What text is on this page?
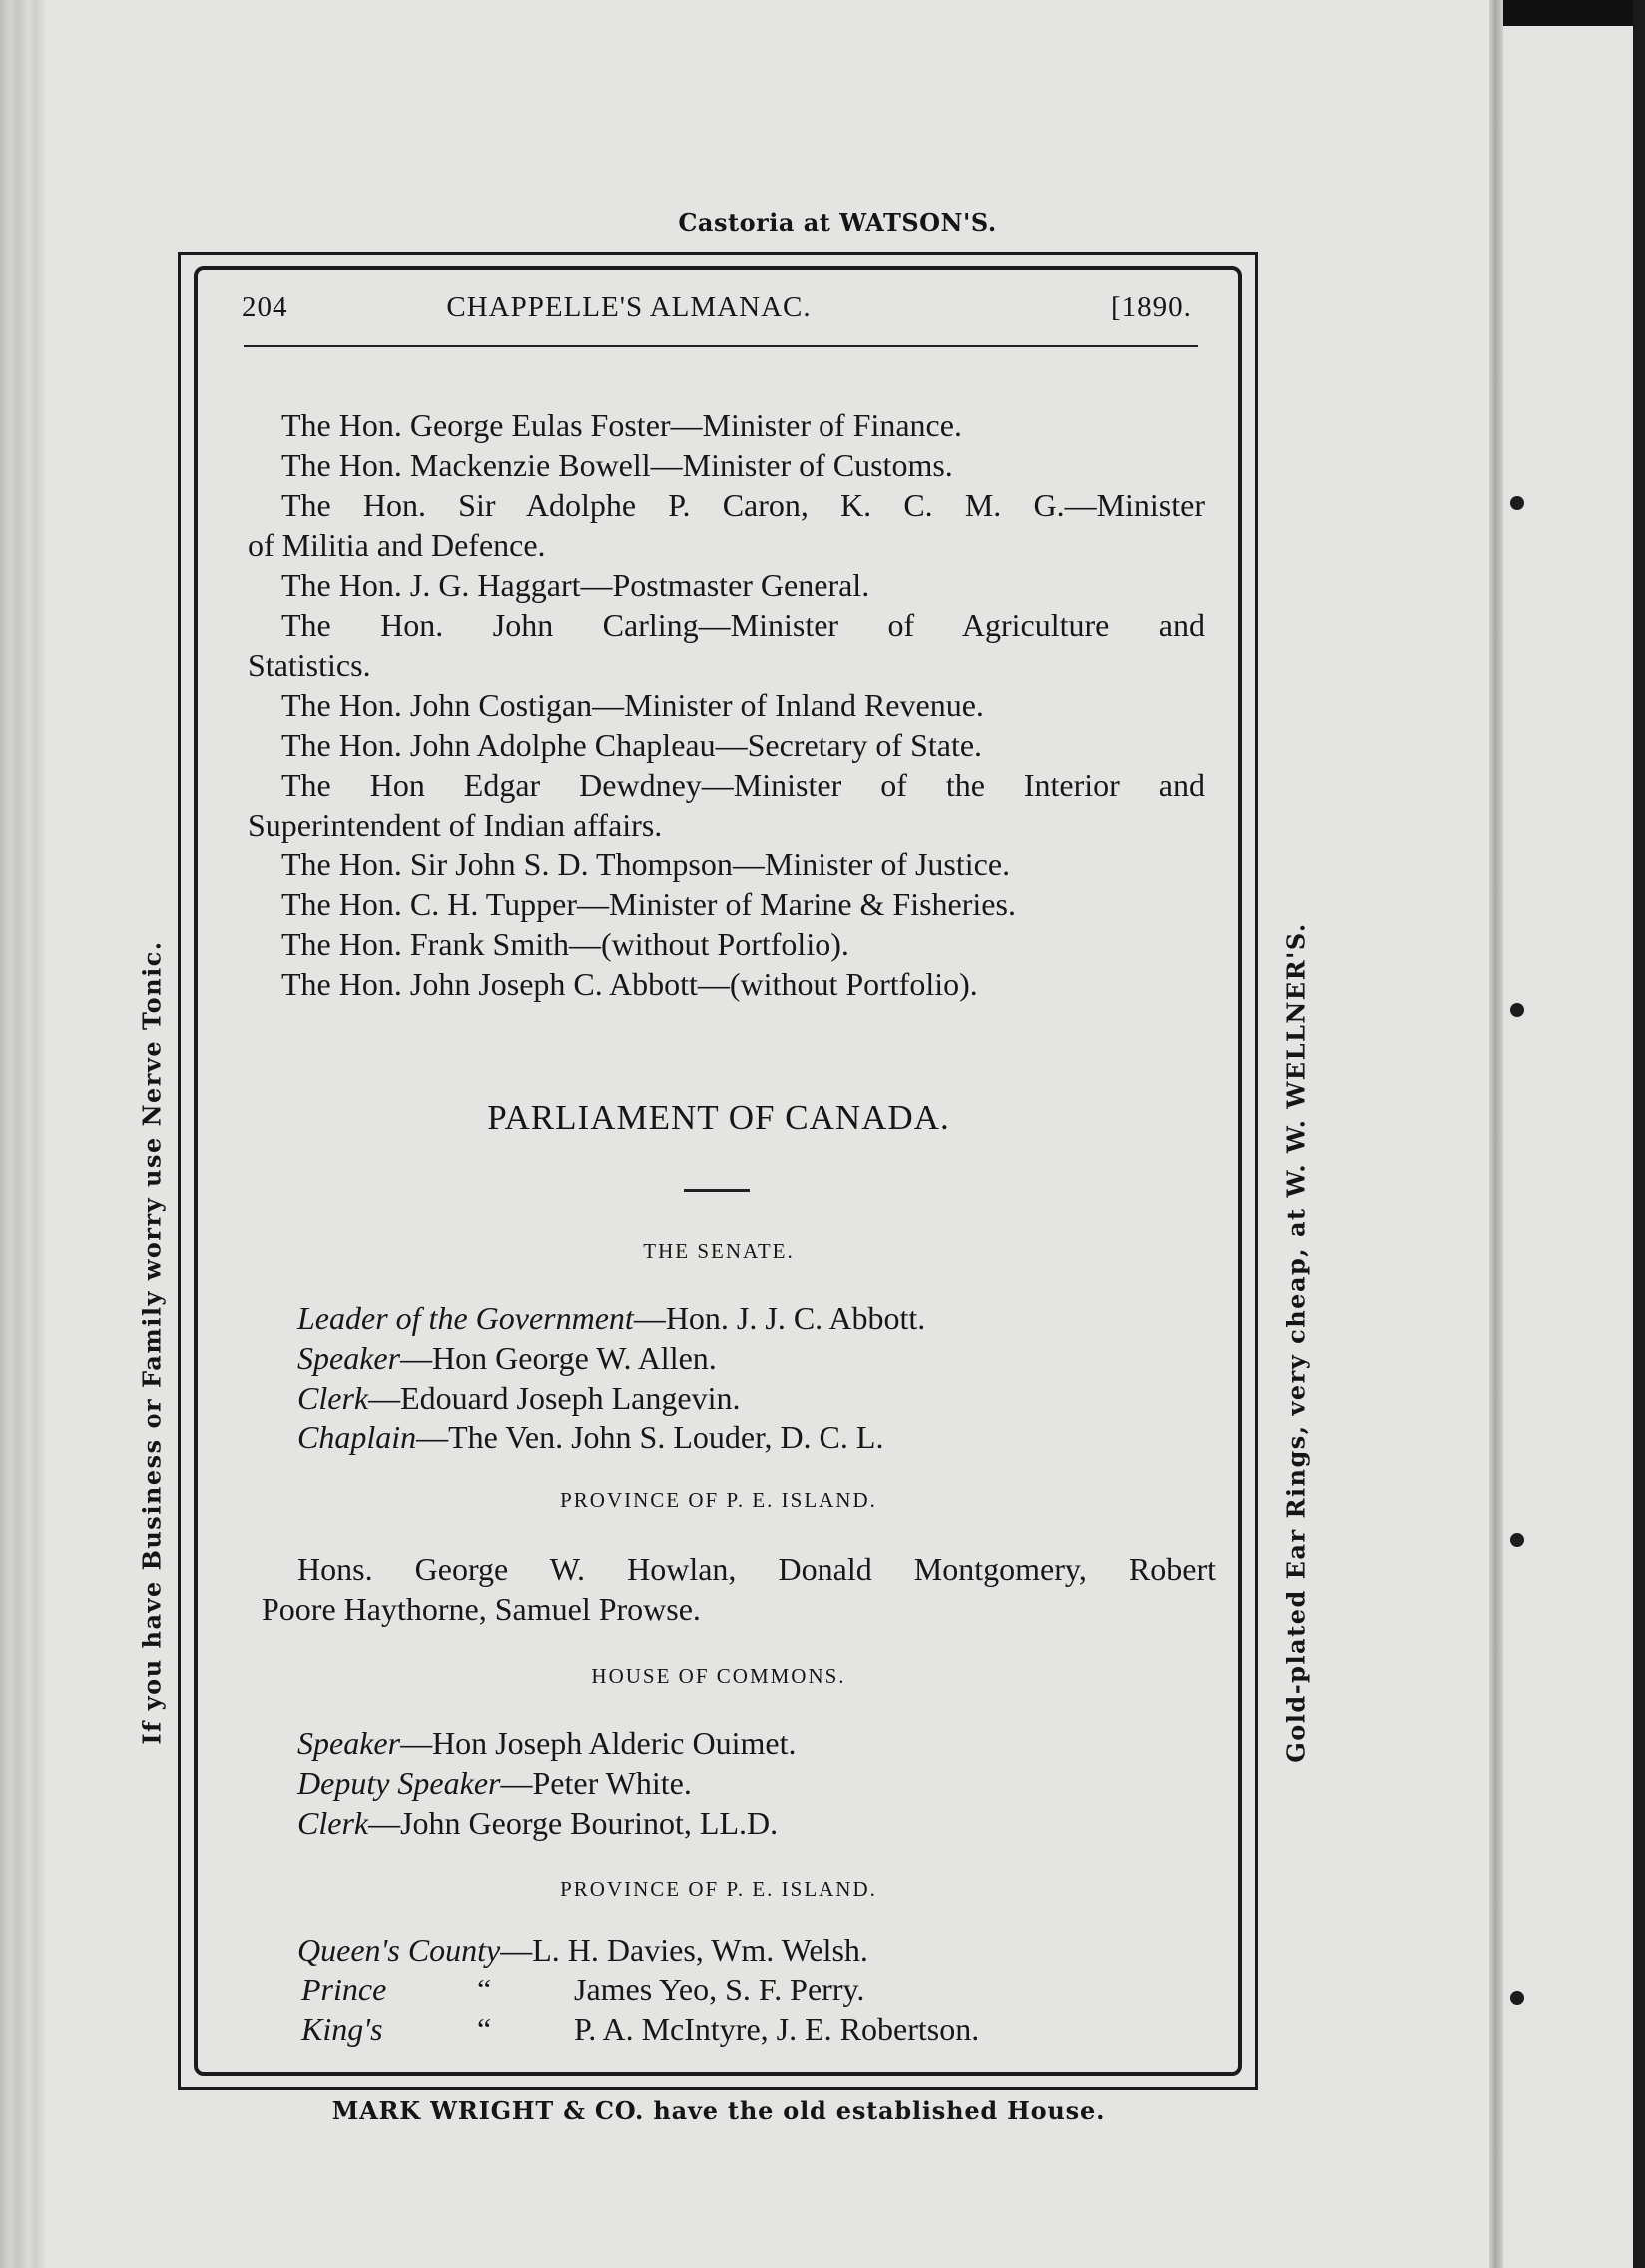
Castoria at WATSON'S.
If you have Business or Family worry use Nerve Tonic.	Gold-plated Ear Rings, very cheap, at W. W. WELLNER'S.
MARK WRIGHT & CO. have the old established House.
204	CHAPPELLE'S ALMANAC.	[1890.
The Hon. George Eulas Foster—Minister of Finance.
The Hon. Mackenzie Bowell—Minister of Customs.
The Hon. Sir Adolphe P. Caron, K. C. M. G.—Minister
of Militia and Defence.
The Hon. J. G. Haggart—Postmaster General.
The Hon. John Carling—Minister of Agriculture and
Statistics.
The Hon. John Costigan—Minister of Inland Revenue.
The Hon. John Adolphe Chapleau—Secretary of State.
The Hon Edgar Dewdney—Minister of the Interior and
Superintendent of Indian affairs.
The Hon. Sir John S. D. Thompson—Minister of Justice.
The Hon. C. H. Tupper—Minister of Marine & Fisheries.
The Hon. Frank Smith—(without Portfolio).
The Hon. John Joseph C. Abbott—(without Portfolio).
PARLIAMENT OF CANADA.
THE SENATE.
Leader of the Government—Hon. J. J. C. Abbott.
Speaker—Hon George W. Allen.
Clerk—Edouard Joseph Langevin.
Chaplain—The Ven. John S. Louder, D. C. L.
PROVINCE OF P. E. ISLAND.
Hons. George W. Howlan, Donald Montgomery, Robert
Poore Haythorne, Samuel Prowse.
HOUSE OF COMMONS.
Speaker—Hon Joseph Alderic Ouimet.
Deputy Speaker—Peter White.
Clerk—John George Bourinot, LL.D.
PROVINCE OF P. E. ISLAND.
Queen's County—L. H. Davies, Wm. Welsh.
Prince	“	James Yeo, S. F. Perry.
King's	“	P. A. McIntyre, J. E. Robertson.
